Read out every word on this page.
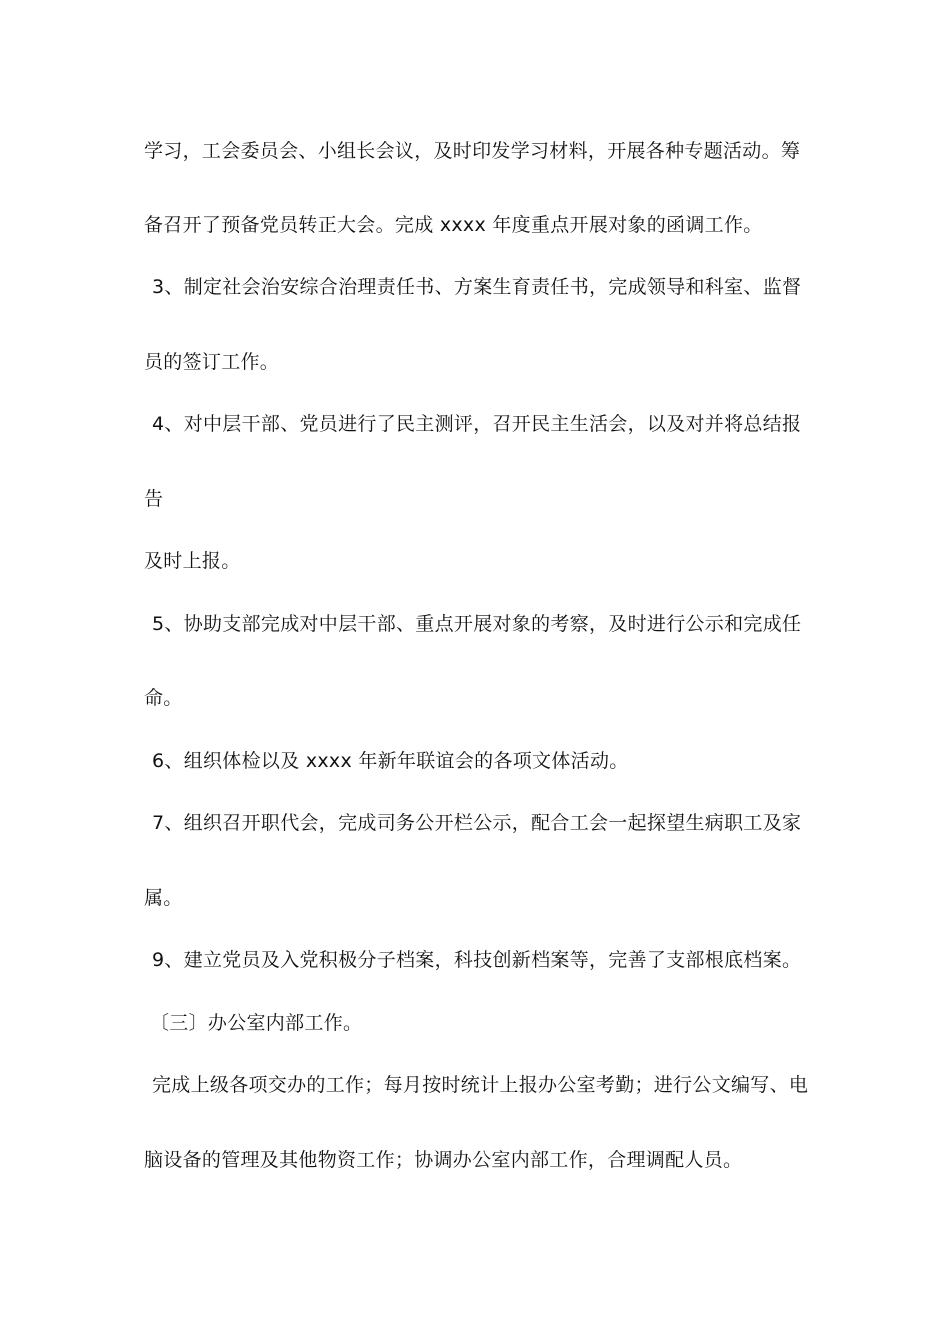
学习，工会委员会、小组长会议，及时印发学习材料，开展各种专题活动。筹
备召开了预备党员转正大会。完成 xxxx 年度重点开展对象的函调工作。
3、制定社会治安综合治理责任书、方案生育责任书，完成领导和科室、监督
员的签订工作。
4、对中层干部、党员进行了民主测评，召开民主生活会，以及对并将总结报
告
及时上报。
5、协助支部完成对中层干部、重点开展对象的考察，及时进行公示和完成任
命。
6、组织体检以及 xxxx 年新年联谊会的各项文体活动。
7、组织召开职代会，完成司务公开栏公示，配合工会一起探望生病职工及家
属。
9、建立党员及入党积极分子档案，科技创新档案等，完善了支部根底档案。
〔三〕办公室内部工作。
完成上级各项交办的工作；每月按时统计上报办公室考勤；进行公文编写、电
脑设备的管理及其他物资工作；协调办公室内部工作，合理调配人员。
